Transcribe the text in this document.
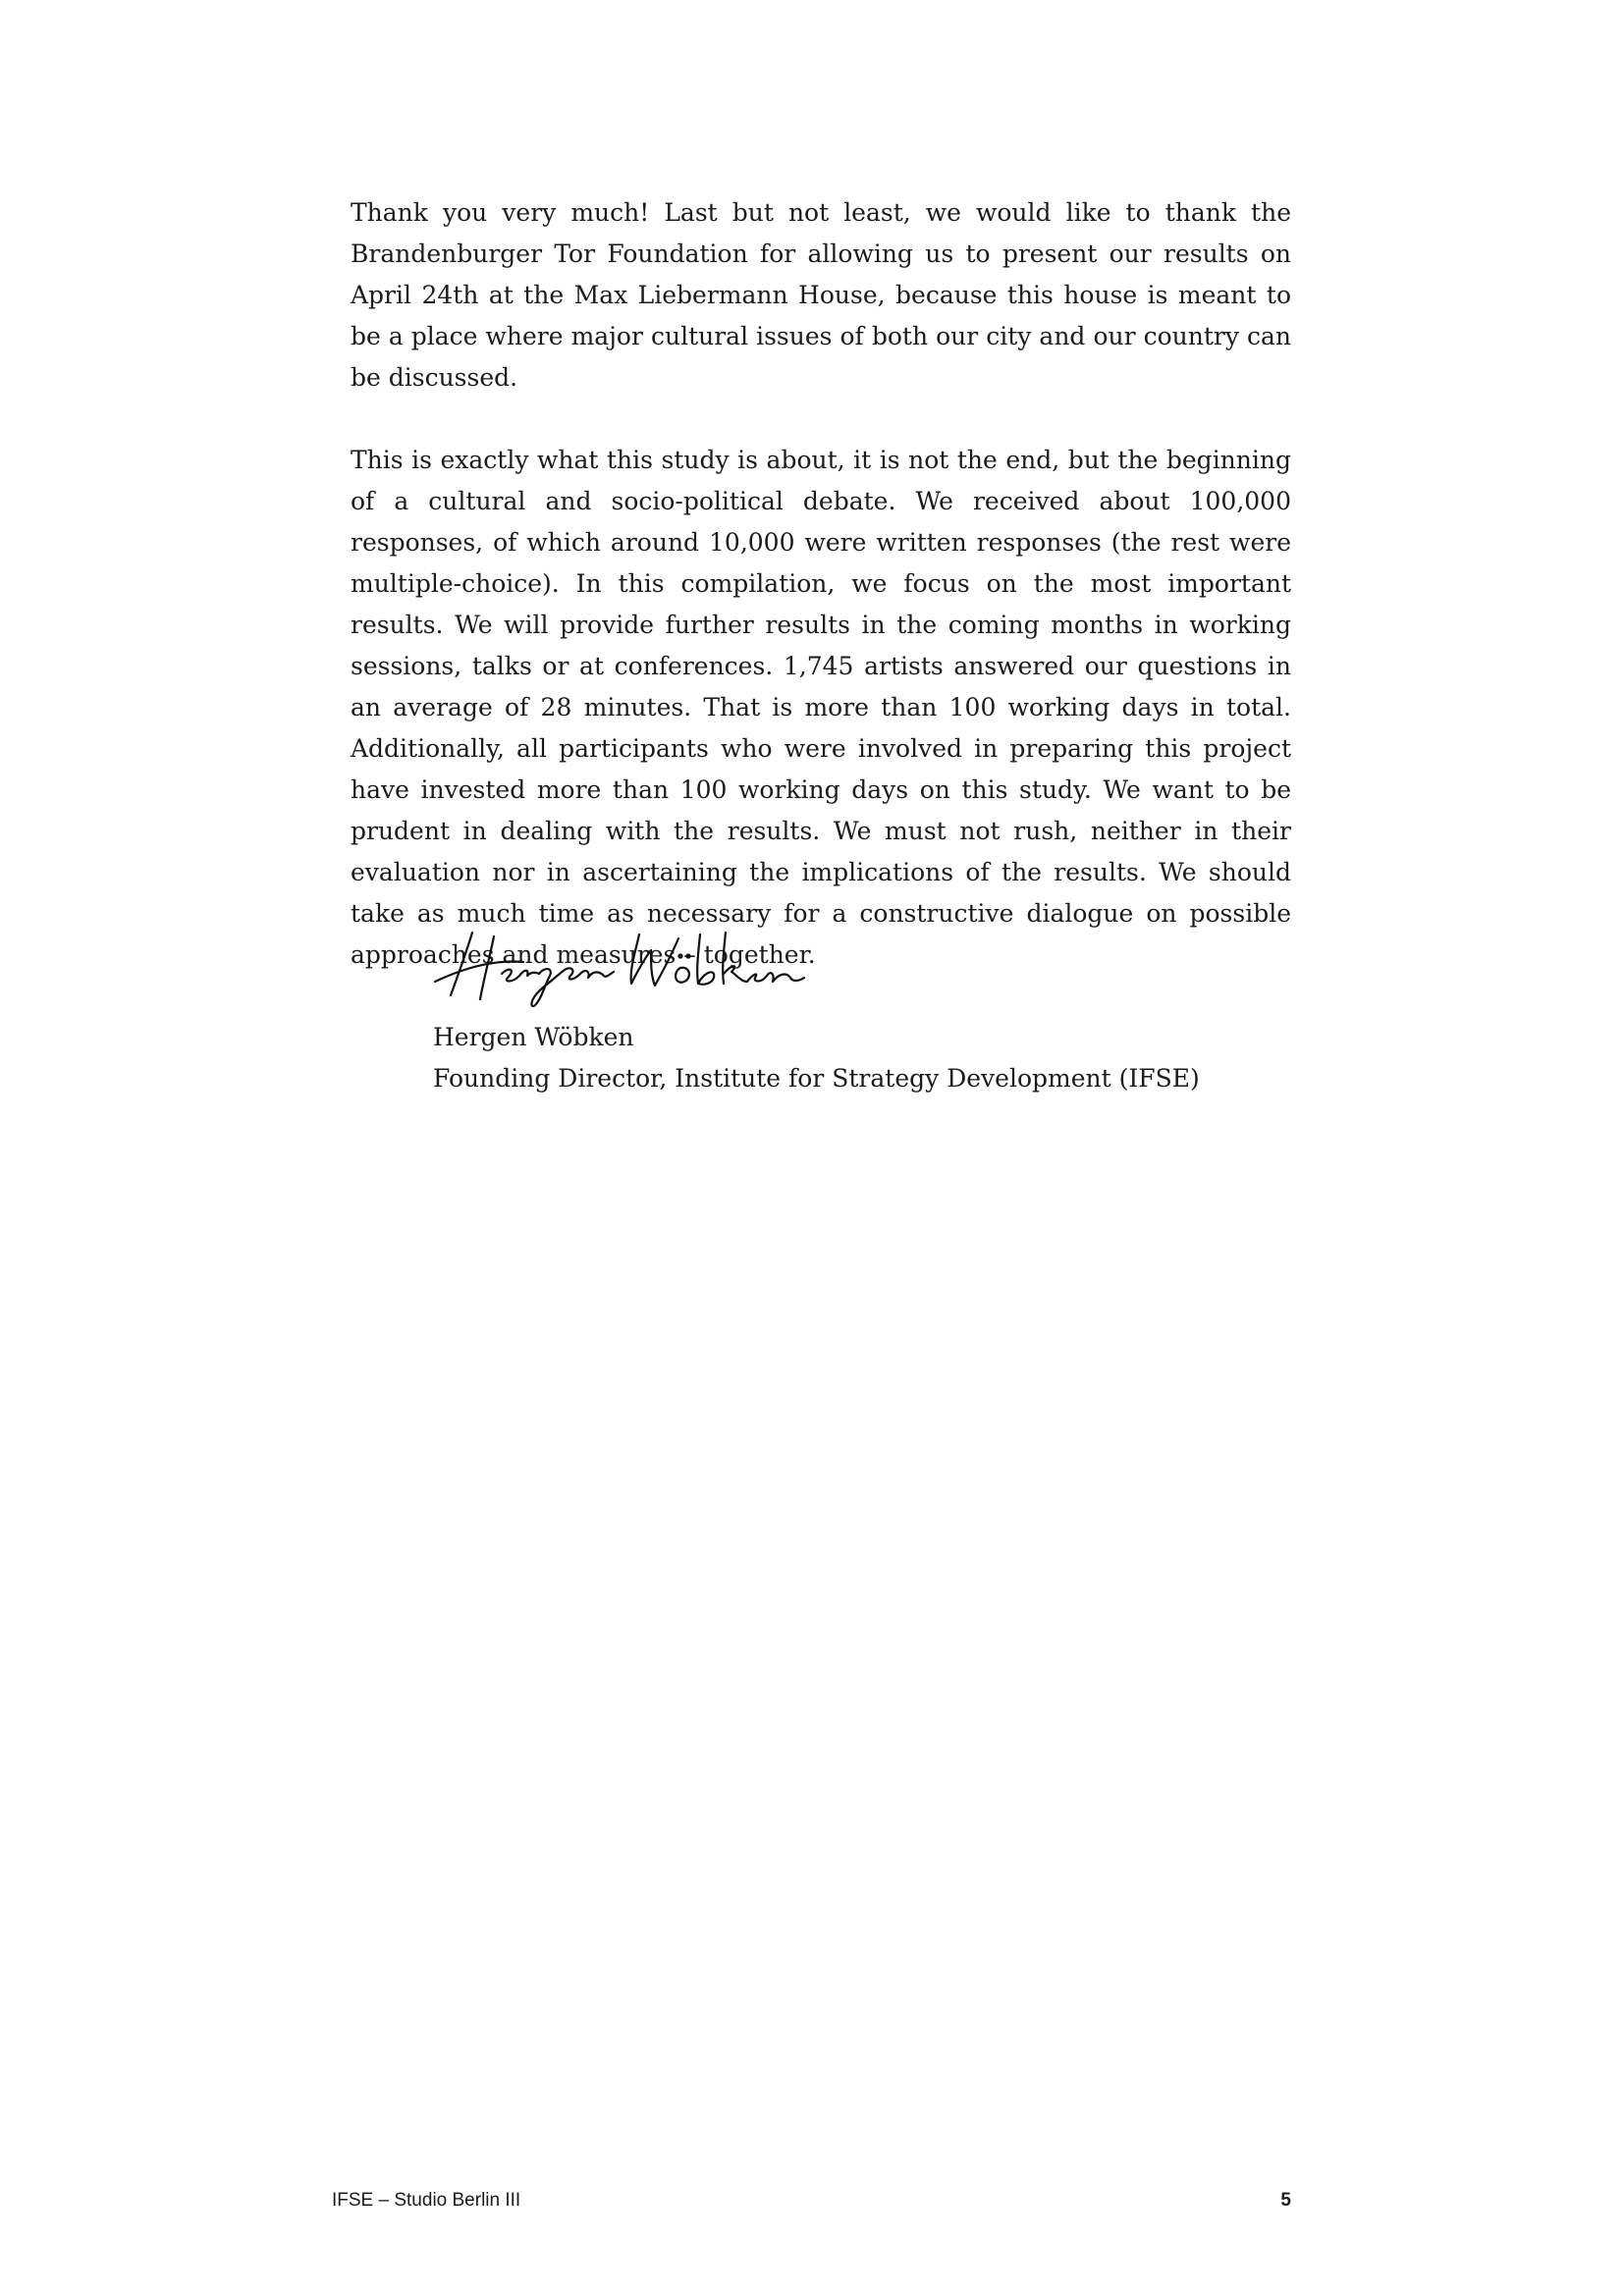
Thank you very much! Last but not least, we would like to thank the Brandenburger Tor Foundation for allowing us to present our results on April 24th at the Max Liebermann House, because this house is meant to be a place where major cultural issues of both our city and our country can be discussed.

This is exactly what this study is about, it is not the end, but the beginning of a cultural and socio-political debate. We received about 100,000 responses, of which around 10,000 were written responses (the rest were multiple-choice). In this compilation, we focus on the most important results. We will provide further results in the coming months in working sessions, talks or at conferences. 1,745 artists answered our questions in an average of 28 minutes. That is more than 100 working days in total. Additionally, all participants who were involved in preparing this project have invested more than 100 working days on this study. We want to be prudent in dealing with the results. We must not rush, neither in their evaluation nor in ascertaining the implications of the results. We should take as much time as necessary for a constructive dialogue on possible approaches and measures – together.

Hergen Wöbken
Founding Director, Institute for Strategy Development (IFSE)
IFSE – Studio Berlin III	5
